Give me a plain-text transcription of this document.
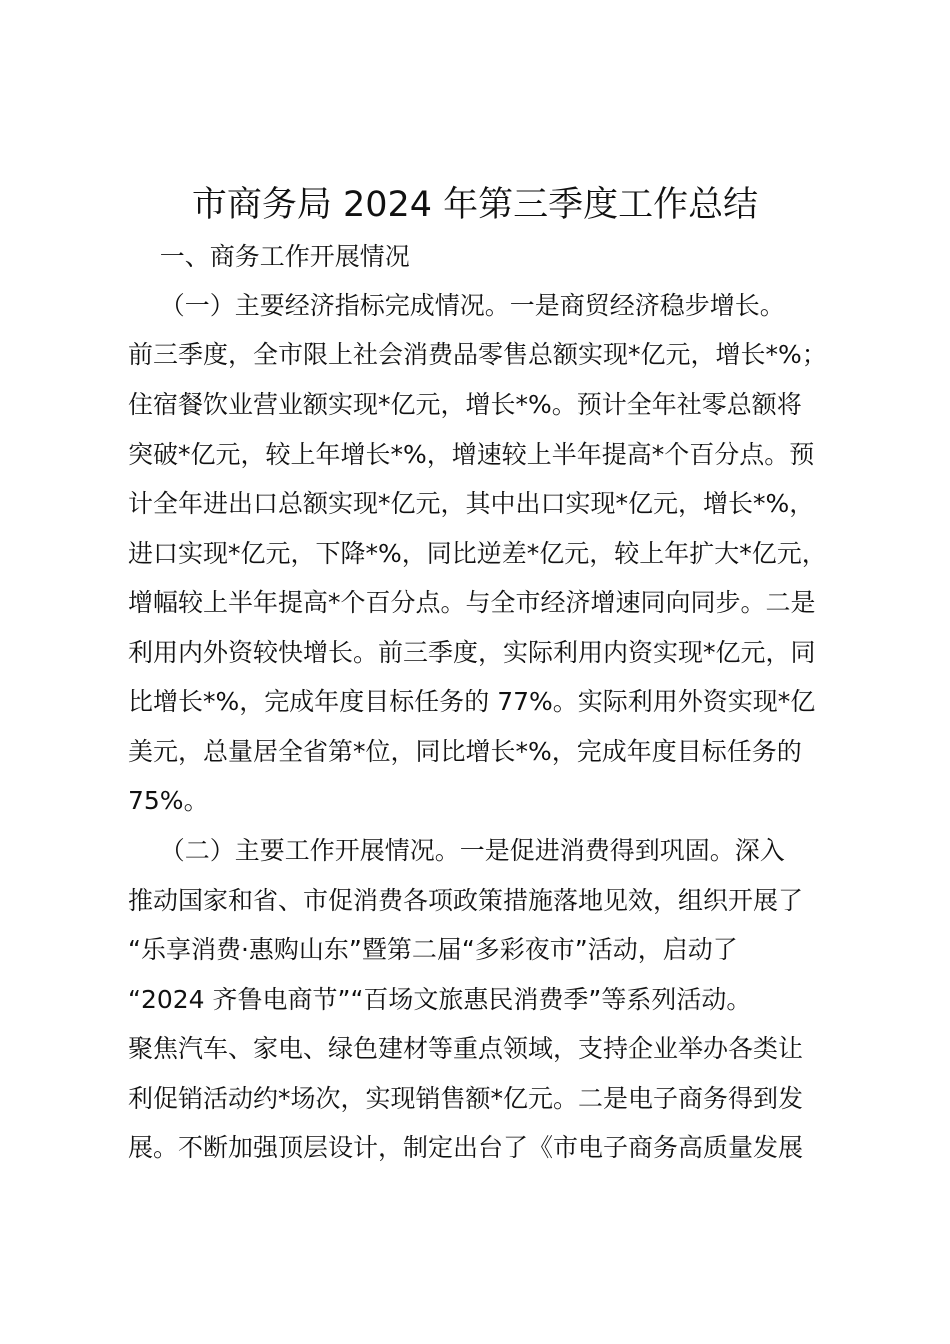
市商务局 2024 年第三季度工作总结
一、商务工作开展情况
（一）主要经济指标完成情况。一是商贸经济稳步增长。
前三季度，全市限上社会消费品零售总额实现*亿元，增长*%；
住宿餐饮业营业额实现*亿元，增长*%。预计全年社零总额将
突破*亿元，较上年增长*%，增速较上半年提高*个百分点。预
计全年进出口总额实现*亿元，其中出口实现*亿元，增长*%，
进口实现*亿元，下降*%，同比逆差*亿元，较上年扩大*亿元，
增幅较上半年提高*个百分点。与全市经济增速同向同步。二是
利用内外资较快增长。前三季度，实际利用内资实现*亿元，同
比增长*%，完成年度目标任务的 77%。实际利用外资实现*亿
美元，总量居全省第*位，同比增长*%，完成年度目标任务的
75%。
（二）主要工作开展情况。一是促进消费得到巩固。深入
推动国家和省、市促消费各项政策措施落地见效，组织开展了
“乐享消费·惠购山东”暨第二届“多彩夜市”活动，启动了
“2024 齐鲁电商节”“百场文旅惠民消费季”等系列活动。
聚焦汽车、家电、绿色建材等重点领域，支持企业举办各类让
利促销活动约*场次，实现销售额*亿元。二是电子商务得到发
展。不断加强顶层设计，制定出台了《市电子商务高质量发展
